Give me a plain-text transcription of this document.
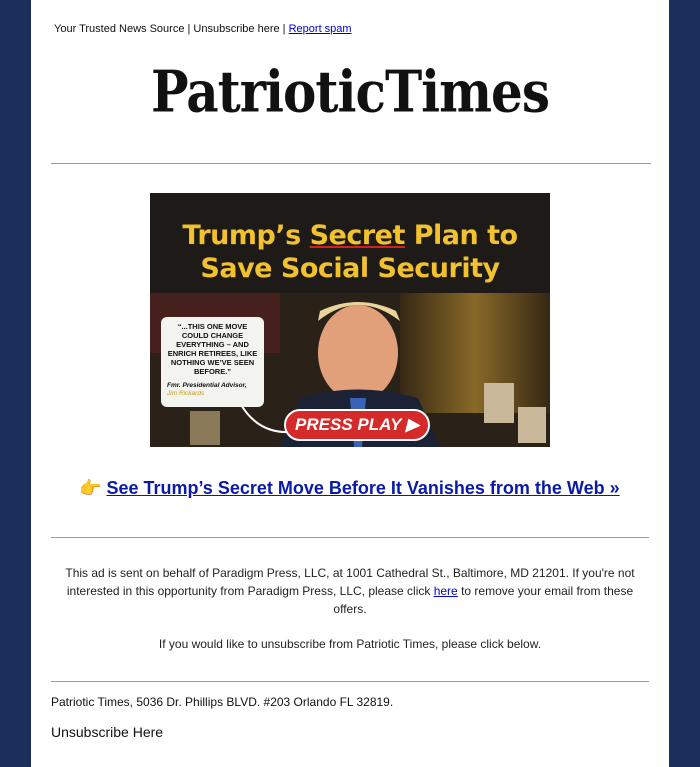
Your Trusted News Source | Unsubscribe here | Report spam
PatrioticTimes
Trump’s Secret Plan to
Save Social Security
“...THIS ONE MOVE COULD CHANGE EVERYTHING – AND ENRICH RETIREES, LIKE NOTHING WE’VE SEEN BEFORE.”
Fmr. Presidential Advisor,
Jim Rickards
PRESS PLAY ▶
👉 See Trump’s Secret Move Before It Vanishes from the Web »
This ad is sent on behalf of Paradigm Press, LLC, at 1001 Cathedral St., Baltimore, MD 21201. If you're not interested in this opportunity from Paradigm Press, LLC, please click here to remove your email from these offers.
If you would like to unsubscribe from Patriotic Times, please click below.
Patriotic Times, 5036 Dr. Phillips BLVD. #203 Orlando FL 32819.
Unsubscribe Here
